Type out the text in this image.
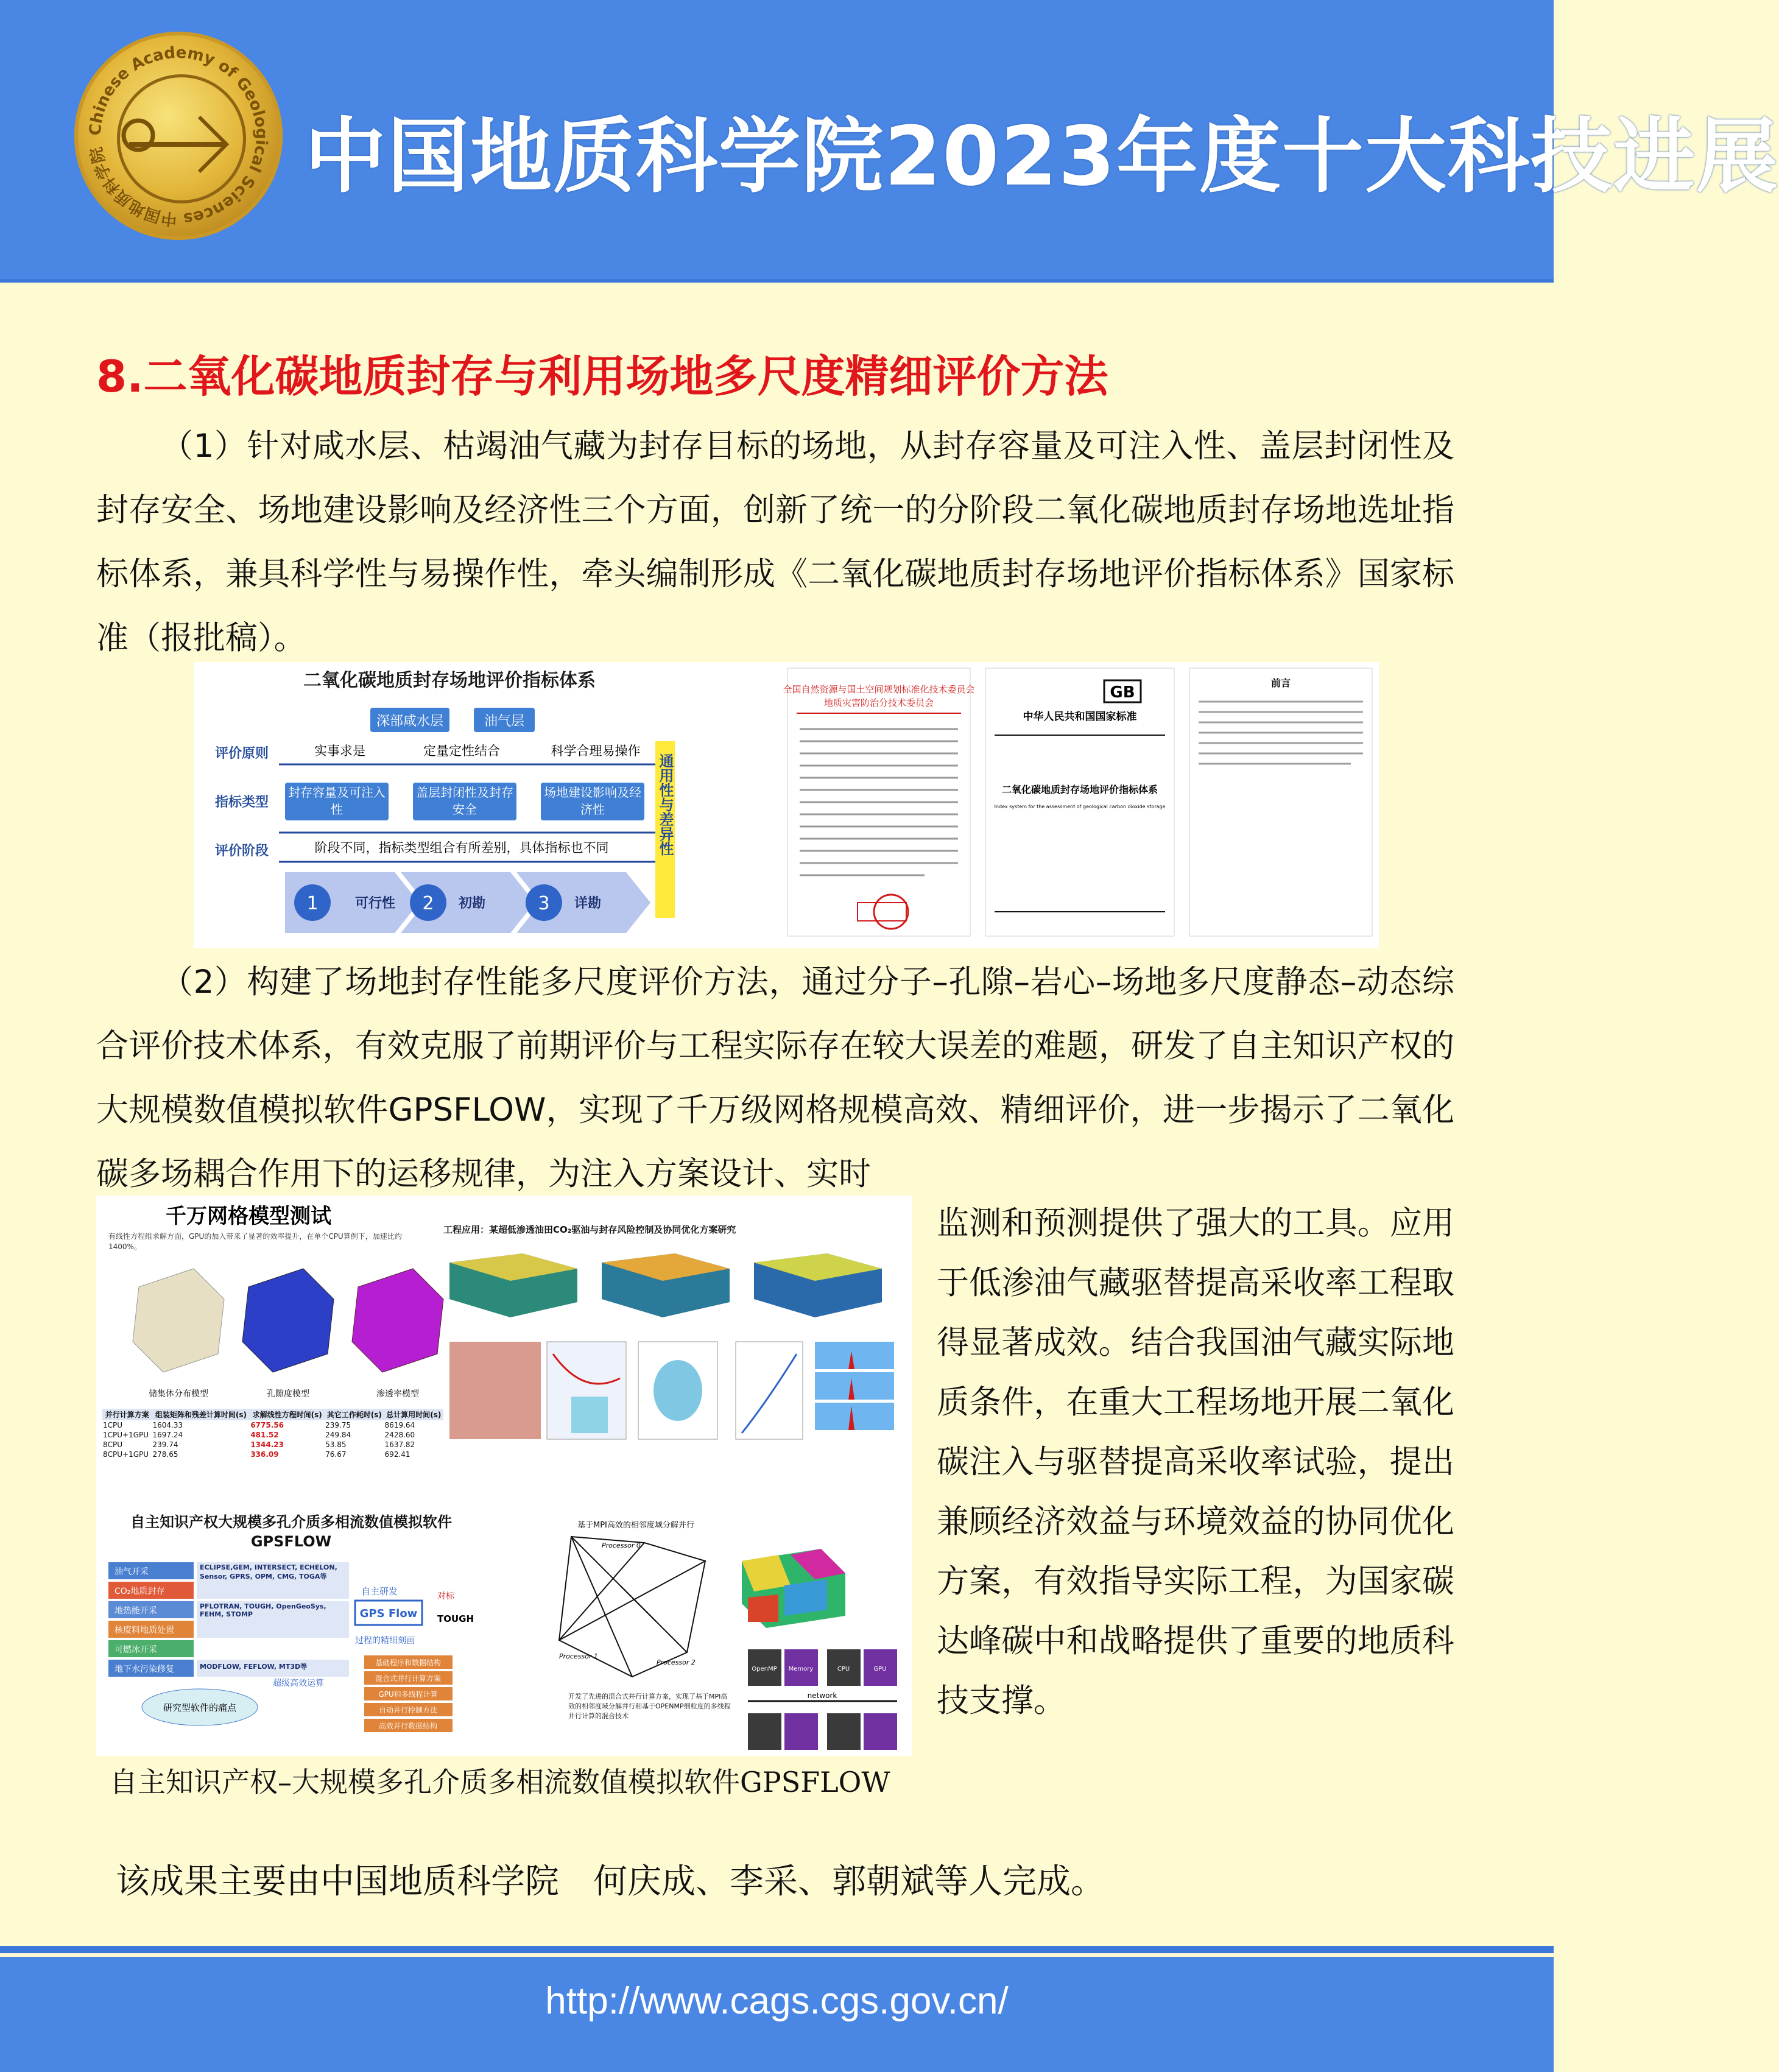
Chinese Academy of Geological Sciences 中国地质科学院	中国地质科学院2023年度十大科技进展
8.二氧化碳地质封存与利用场地多尺度精细评价方法
（1）针对咸水层、枯竭油气藏为封存目标的场地，从封存容量及可注入性、盖层封闭性及封存安全、场地建设影响及经济性三个方面，创新了统一的分阶段二氧化碳地质封存场地选址指标体系，兼具科学性与易操作性，牵头编制形成《二氧化碳地质封存场地评价指标体系》国家标准（报批稿）。
二氧化碳地质封存场地评价指标体系
深部咸水层	油气层
评价原则
指标类型
评价阶段
实事求是	定量定性结合	科学合理易操作
封存容量及可注入性
盖层封闭性及封存安全
场地建设影响及经济性
阶段不同，指标类型组合有所差别，具体指标也不同	通用性与差异性
1	可行性 2 初勘	3 详勘
全国自然资源与国土空间规划标准化技术委员会
地质灾害防治分技术委员会
GB
中华人民共和国国家标准
二氧化碳地质封存场地评价指标体系
Index system for the assessment of geological carbon dioxide storage
前言
（2）构建了场地封存性能多尺度评价方法，通过分子–孔隙–岩心–场地多尺度静态–动态综合评价技术体系，有效克服了前期评价与工程实际存在较大误差的难题，研发了自主知识产权的大规模数值模拟软件GPSFLOW，实现了千万级网格规模高效、精细评价，进一步揭示了二氧化碳多场耦合作用下的运移规律，为注入方案设计、实时
千万网格模型测试
有线性方程组求解方面，GPU的加入带来了显著的效率提升，在单个CPU算例下，加速比约1400%。
储集体分布模型	孔隙度模型	渗透率模型
并行计算方案	组装矩阵和残差计算时间(s)	求解线性方程时间(s)	其它工作耗时(s)	总计算用时间(s)
1CPU	1604.33	6775.56	239.75	8619.64
1CPU+1GPU	1697.24	481.52	249.84	2428.60
8CPU	239.74	1344.23	53.85	1637.82
8CPU+1GPU	278.65	336.09	76.67	692.41
工程应用：某超低渗透油田CO₂驱油与封存风险控制及协同优化方案研究
自主知识产权大规模多孔介质多相流数值模拟软件GPSFLOW
油气开采
CO₂地质封存
地热能开采
核废料地质处置
可燃冰开采
地下水污染修复
ECLIPSE,GEM, INTERSECT, ECHELON, Sensor, GPRS, OPM, CMG, TOGA等
PFLOTRAN, TOUGH, OpenGeoSys, FEHM, STOMP
MODFLOW, FEFLOW, MT3D等
自主研发
GPS Flow
对标
TOUGH
过程的精细刻画
超级高效运算
研究型软件的痛点
基础程序和数据结构
混合式并行计算方案
GPU和多线程计算
自动并行控制方法
高效并行数据结构
基于MPI高效的相邻度域分解并行
Processor 0
Processor 1
Processor 2
开发了先进的混合式并行计算方案，实现了基于MPI高效的相邻度域分解并行和基于OPENMP细粒度的多线程并行计算的混合技术
OpenMP Memory	CPU	GPU
network
监测和预测提供了强大的工具。应用于低渗油气藏驱替提高采收率工程取得显著成效。结合我国油气藏实际地质条件，在重大工程场地开展二氧化碳注入与驱替提高采收率试验，提出兼顾经济效益与环境效益的协同优化方案，有效指导实际工程，为国家碳达峰碳中和战略提供了重要的地质科技支撑。
自主知识产权–大规模多孔介质多相流数值模拟软件GPSFLOW
该成果主要由中国地质科学院　何庆成、李采、郭朝斌等人完成。
http://www.cags.cgs.gov.cn/
